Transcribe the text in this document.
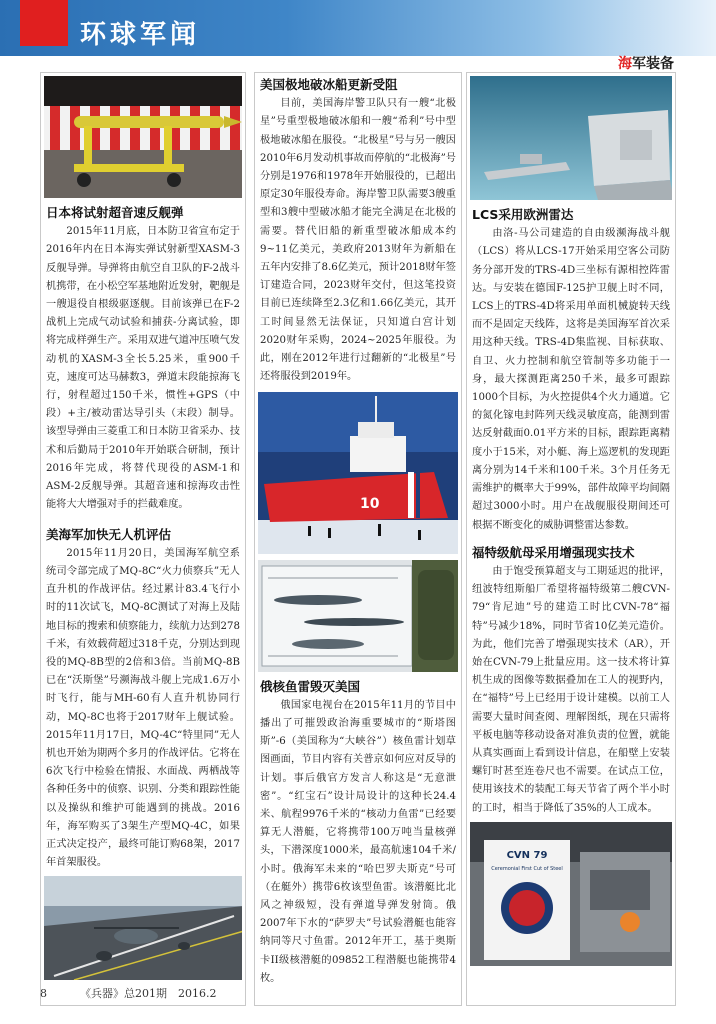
环球军闻
海军装备
日本将试射超音速反舰弹
2015年11月底，日本防卫省宣布定于2016年内在日本海实弹试射新型XASM-3反舰导弹。导弹将由航空自卫队的F-2战斗机携带，在小松空军基地附近发射，靶舰是一艘退役自根级驱逐舰。目前该弹已在F-2战机上完成气动试验和捕获-分离试验，即将完成样弹生产。采用双进气道冲压喷气发动机的XASM-3全长5.25米，重900千克，速度可达马赫数3，弹道末段能掠海飞行，射程超过150千米，惯性+GPS（中段）+主/被动雷达导引头（末段）制导。该型导弹由三菱重工和日本防卫省采办、技术和后勤局于2010年开始联合研制，预计2016年完成，将替代现役的ASM-1和ASM-2反舰导弹。其超音速和掠海攻击性能将大大增强对手的拦截难度。
美海军加快无人机评估
2015年11月20日，美国海军航空系统司令部完成了MQ-8C“火力侦察兵”无人直升机的作战评估。经过累计83.4飞行小时的11次试飞，MQ-8C测试了对海上及陆地目标的搜索和侦察能力，续航力达到278千米，有效载荷超过318千克，分别达到现役的MQ-8B型的2倍和3倍。当前MQ-8B已在“沃斯堡”号濒海战斗舰上完成1.6万小时飞行，能与MH-60有人直升机协同行动，MQ-8C也将于2017财年上舰试验。2015年11月17日，MQ-4C“特里同”无人机也开始为期两个多月的作战评估。它将在6次飞行中检验在情报、水面战、两栖战等各种任务中的侦察、识别、分类和跟踪性能以及操纵和维护可能遇到的挑战。2016年，海军购买了3架生产型MQ-4C，如果正式决定投产，最终可能订购68架，2017年首架服役。
美国极地破冰船更新受阻
目前，美国海岸警卫队只有一艘“北极星”号重型极地破冰船和一艘“希利”号中型极地破冰船在服役。“北极星”号与另一艘因2010年6月发动机事故而停航的“北极海”号分别是1976和1978年开始服役的，已超出原定30年服役寿命。海岸警卫队需要3艘重型和3艘中型破冰船才能完全满足在北极的需要。替代旧船的新重型破冰船成本约9~11亿美元，美政府2013财年为新船在五年内安排了8.6亿美元，预计2018财年签订建造合同，2023财年交付，但这笔投资目前已连续降至2.3亿和1.66亿美元，其开工时间显然无法保证，只知道白宫计划2020财年采购，2024~2025年服役。为此，刚在2012年进行过翻新的“北极星”号还将服役到2019年。
10
俄核鱼雷毁灭美国
俄国家电视台在2015年11月的节目中播出了可摧毁政治海重要城市的“斯塔图斯”-6（美国称为“大峡谷”）核鱼雷计划草图画面，节目内容有关普京如何应对反导的计划。事后俄官方发言人称这是“无意泄密”。“红宝石”设计局设计的这种长24.4米、航程9976千米的“核动力鱼雷”已经要算无人潜艇，它将携带100万吨当量核弹头，下潜深度1000米，最高航速104千米/小时。俄海军未来的“哈巴罗夫斯克”号可（在艇外）携带6枚该型鱼雷。该潜艇比北风之神级短，没有弹道导弹发射筒。俄2007年下水的“萨罗夫”号试验潜艇也能容纳同等尺寸鱼雷。2012年开工，基于奥斯卡II级核潜艇的09852工程潜艇也能携带4枚。
LCS采用欧洲雷达
由洛-马公司建造的自由级濒海战斗舰（LCS）将从LCS-17开始采用空客公司防务分部开发的TRS-4D三坐标有源相控阵雷达。与安装在德国F-125护卫舰上时不同，LCS上的TRS-4D将采用单面机械旋转天线而不是固定天线阵，这将是美国海军首次采用这种天线。TRS-4D集监视、目标获取、自卫、火力控制和航空管制等多功能于一身，最大探测距离250千米，最多可跟踪1000个目标，为火控提供4个火力通道。它的氮化镓电封阵列天线灵敏度高，能测到雷达反射截面0.01平方米的目标，跟踪距离精度小于15米，对小艇、海上巡逻机的发现距离分别为14千米和100千米。3个月任务无需维护的概率大于99%，部件故障平均间隔超过3000小时。用户在战舰服役期间还可根据不断变化的威胁调整雷达参数。
福特级航母采用增强现实技术
由于饱受预算超支与工期延迟的批评，纽波特纽斯船厂希望将福特级第二艘CVN-79“肯尼迪”号的建造工时比CVN-78“福特”号减少18%，同时节省10亿美元造价。为此，他们完善了增强现实技术（AR），开始在CVN-79上批量应用。这一技术将计算机生成的图像等数据叠加在工人的视野内，在“福特”号上已经用于设计建模。以前工人需要大量时间查阅、理解图纸，现在只需将平板电脑等移动设备对准负责的位置，就能从真实画面上看到设计信息，在船壁上安装螺钉时甚至连卷尺也不需要。在试点工位，使用该技术的装配工每天节省了两个半小时的工时，相当于降低了35%的人工成本。
CVN 79
Ceremonial First Cut of Steel
8	《兵器》总201期　2016.2
